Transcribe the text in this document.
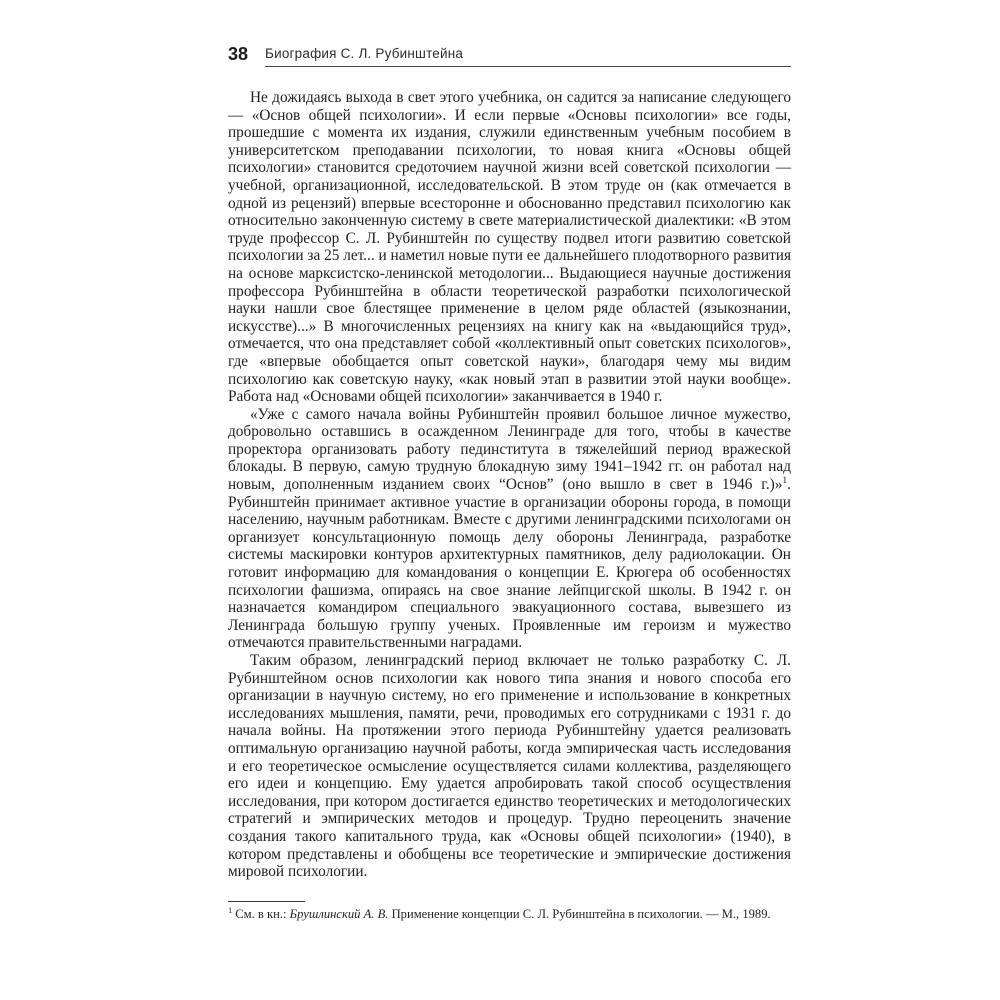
38 Биография С. Л. Рубинштейна

Не дожидаясь выхода в свет этого учебника, он садится за написание следующего — «Основ общей психологии». И если первые «Основы психологии» все годы, прошедшие с момента их издания, служили единственным учебным пособием в университетском преподавании психологии, то новая книга «Основы общей психологии» становится средоточием научной жизни всей советской психологии — учебной, организационной, исследовательской. В этом труде он (как отмечается в одной из рецензий) впервые всесторонне и обоснованно представил психологию как относительно законченную систему в свете материалистической диалектики: «В этом труде профессор С. Л. Рубинштейн по существу подвел итоги развитию советской психологии за 25 лет... и наметил новые пути ее дальнейшего плодотворного развития на основе марксистско-ленинской методологии... Выдающиеся научные достижения профессора Рубинштейна в области теоретической разработки психологической науки нашли свое блестящее применение в целом ряде областей (языкознании, искусстве)...» В многочисленных рецензиях на книгу как на «выдающийся труд», отмечается, что она представляет собой «коллективный опыт советских психологов», где «впервые обобщается опыт советской науки», благодаря чему мы видим психологию как советскую науку, «как новый этап в развитии этой науки вообще». Работа над «Основами общей психологии» заканчивается в 1940 г.

«Уже с самого начала войны Рубинштейн проявил большое личное мужество, добровольно оставшись в осажденном Ленинграде для того, чтобы в качестве проректора организовать работу пединститута в тяжелейший период вражеской блокады. В первую, самую трудную блокадную зиму 1941–1942 гг. он работал над новым, дополненным изданием своих “Основ” (оно вышло в свет в 1946 г.)»$^1$. Рубинштейн принимает активное участие в организации обороны города, в помощи населению, научным работникам. Вместе с другими ленинградскими психологами он организует консультационную помощь делу обороны Ленинграда, разработке системы маскировки контуров архитектурных памятников, делу радиолокации. Он готовит информацию для командования о концепции Е. Крюгера об особенностях психологии фашизма, опираясь на свое знание лейпцигской школы. В 1942 г. он назначается командиром специального эвакуационного состава, вывезшего из Ленинграда большую группу ученых. Проявленные им героизм и мужество отмечаются правительственными наградами.

Таким образом, ленинградский период включает не только разработку С. Л. Рубинштейном основ психологии как нового типа знания и нового способа его организации в научную систему, но его применение и использование в конкретных исследованиях мышления, памяти, речи, проводимых его сотрудниками с 1931 г. до начала войны. На протяжении этого периода Рубинштейну удается реализовать оптимальную организацию научной работы, когда эмпирическая часть исследования и его теоретическое осмысление осуществляется силами коллектива, разделяющего его идеи и концепцию. Ему удается апробировать такой способ осуществления исследования, при котором достигается единство теоретических и методологических стратегий и эмпирических методов и процедур. Трудно переоценить значение создания такого капитального труда, как «Основы общей психологии» (1940), в котором представлены и обобщены все теоретические и эмпирические достижения мировой психологии.

$^1$ См. в кн.: Брушлинский А. В. Применение концепции С. Л. Рубинштейна в психологии. — М., 1989.
